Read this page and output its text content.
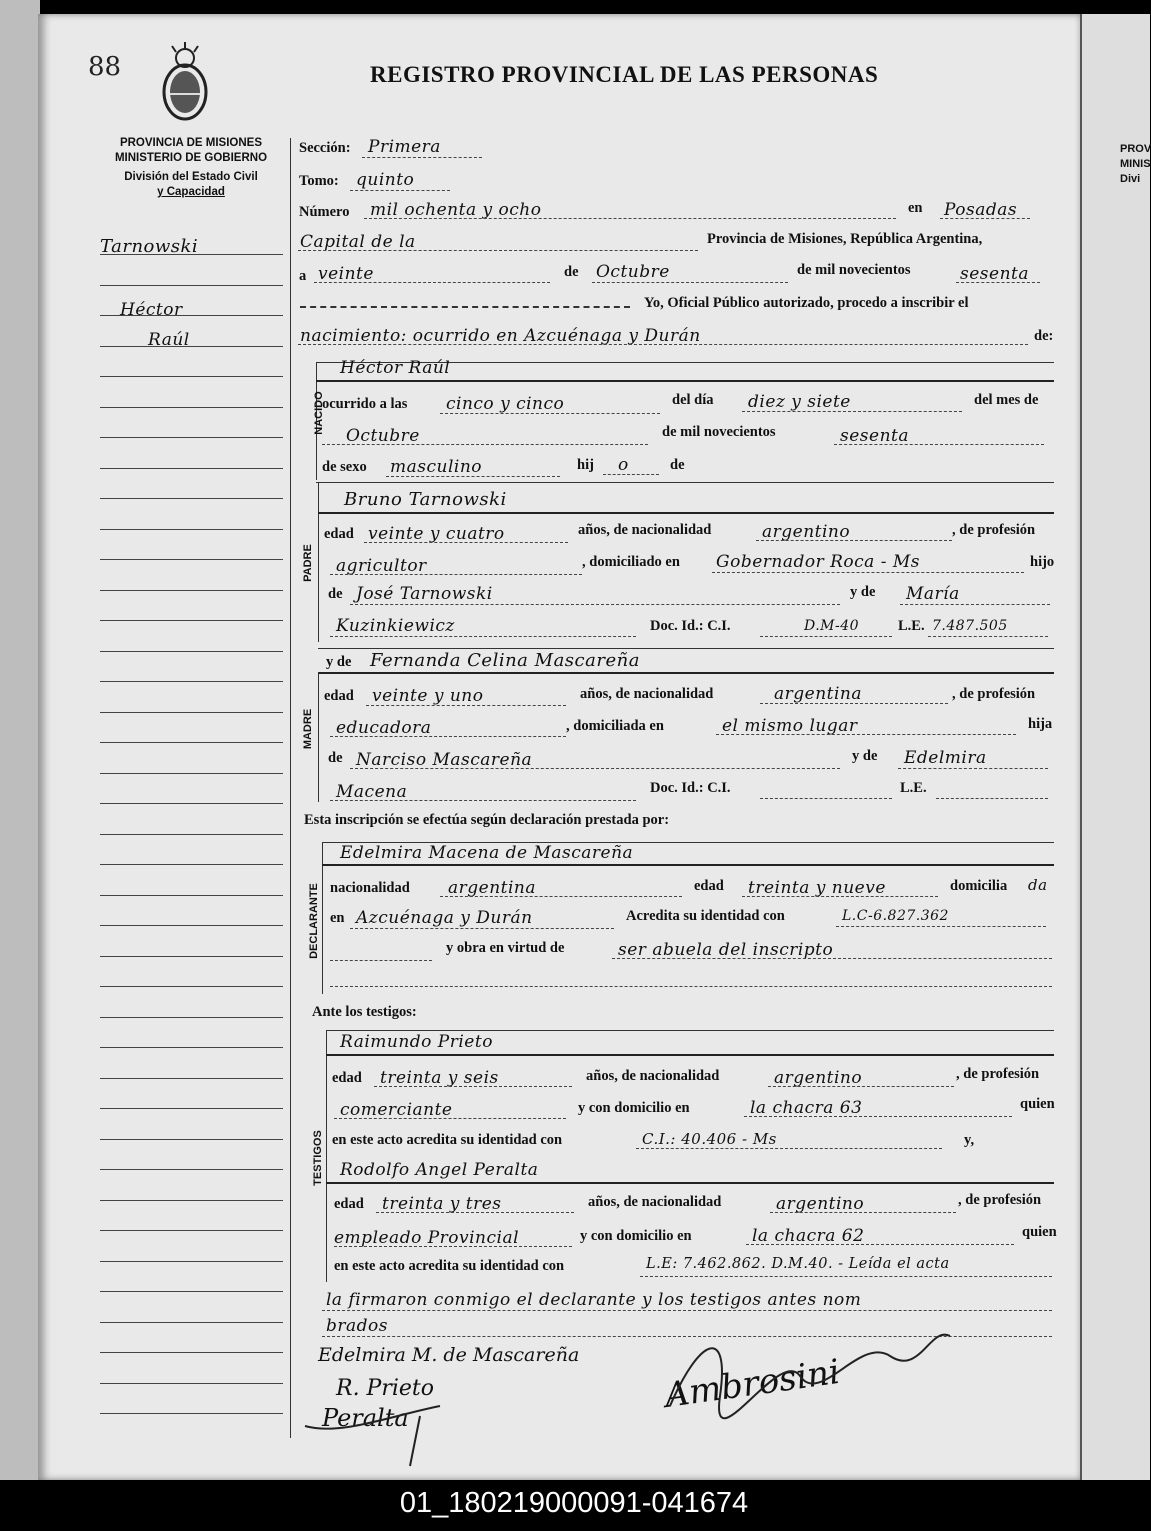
PROV
MINIS
Divi
88	REGISTRO PROVINCIAL DE LAS PERSONAS
PROVINCIA DE MISIONES
MINISTERIO DE GOBIERNO
División del Estado Civil
y Capacidad
Tarnowski
Héctor
Raúl
Sección: Primera
Tomo: quinto
Número mil ochenta y ocho	en Posadas
Capital de la	Provincia de Misiones, República Argentina,
a veinte	de Octubre	de mil novecientos	sesenta
Yo, Oficial Público autorizado, procedo a inscribir el
nacimiento: ocurrido en Azcuénaga y Durán	de:
NACIDO
Héctor Raúl
ocurrido a las cinco y cinco	del día diez y siete	del mes de
Octubre	de mil novecientos	sesenta
de sexo masculino	hij o	de
PADRE
Bruno Tarnowski
edad veinte y cuatro	años, de nacionalidad	argentino	, de profesión
agricultor	, domiciliado en Gobernador Roca - Ms	hijo
de José Tarnowski	y de María
Kuzinkiewicz	Doc. Id.: C.I.	D.M-40	L.E. 7.487.505
y de Fernanda Celina Mascareña
MADRE
edad veinte y uno	años, de nacionalidad	argentina	, de profesión
educadora	, domiciliada en	el mismo lugar	hija
de Narciso Mascareña	y de Edelmira
Macena	Doc. Id.: C.I.	L.E.
Esta inscripción se efectúa según declaración prestada por:
DECLARANTE
Edelmira Macena de Mascareña
nacionalidad argentina	edad treinta y nueve	domicilia da
en Azcuénaga y Durán	Acredita su identidad con	L.C-6.827.362
y obra en virtud de	ser abuela del inscripto
Ante los testigos:
TESTIGOS
Raimundo Prieto
edad treinta y seis	años, de nacionalidad	argentino	, de profesión
comerciante	y con domicilio en	la chacra 63	quien
en este acto acredita su identidad con	C.I.: 40.406 - Ms	y,
Rodolfo Angel Peralta
edad treinta y tres	años, de nacionalidad	argentino	, de profesión
empleado Provincial	y con domicilio en	la chacra 62	quien
en este acto acredita su identidad con	L.E: 7.462.862. D.M.40. - Leída el acta
la firmaron conmigo el declarante y los testigos antes nom
brados
Edelmira M. de Mascareña
R. Prieto
Peralta
Ambrosini
01_180219000091-041674
